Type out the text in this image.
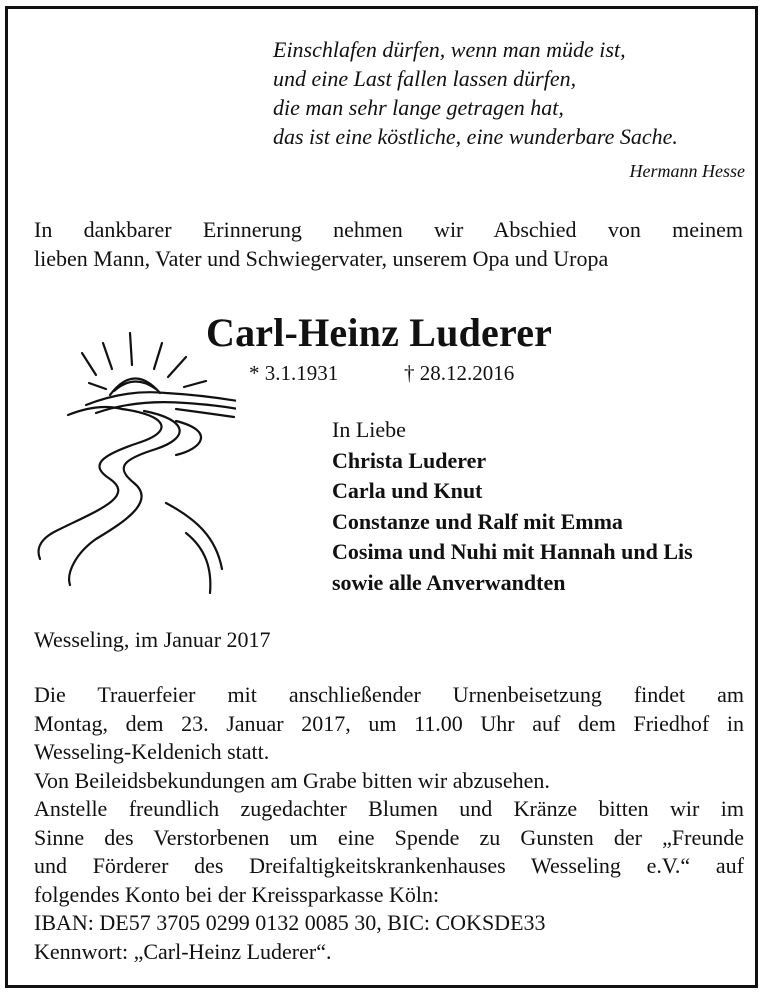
Einschlafen dürfen, wenn man müde ist,
und eine Last fallen lassen dürfen,
die man sehr lange getragen hat,
das ist eine köstliche, eine wunderbare Sache.
Hermann Hesse
In dankbarer Erinnerung nehmen wir Abschied von meinem
lieben Mann, Vater und Schwiegervater, unserem Opa und Uropa
Carl-Heinz Luderer
* 3.1.1931	† 28.12.2016
In Liebe
Christa Luderer
Carla und Knut
Constanze und Ralf mit Emma
Cosima und Nuhi mit Hannah und Lis
sowie alle Anverwandten
Wesseling, im Januar 2017
Die Trauerfeier mit anschließender Urnenbeisetzung findet am
Montag, dem 23. Januar 2017, um 11.00 Uhr auf dem Friedhof in
Wesseling-Keldenich statt.
Von Beileidsbekundungen am Grabe bitten wir abzusehen.
Anstelle freundlich zugedachter Blumen und Kränze bitten wir im
Sinne des Verstorbenen um eine Spende zu Gunsten der „Freunde
und Förderer des Dreifaltigkeitskrankenhauses Wesseling e.V.“ auf
folgendes Konto bei der Kreissparkasse Köln:
IBAN: DE57 3705 0299 0132 0085 30, BIC: COKSDE33
Kennwort: „Carl-Heinz Luderer“.
